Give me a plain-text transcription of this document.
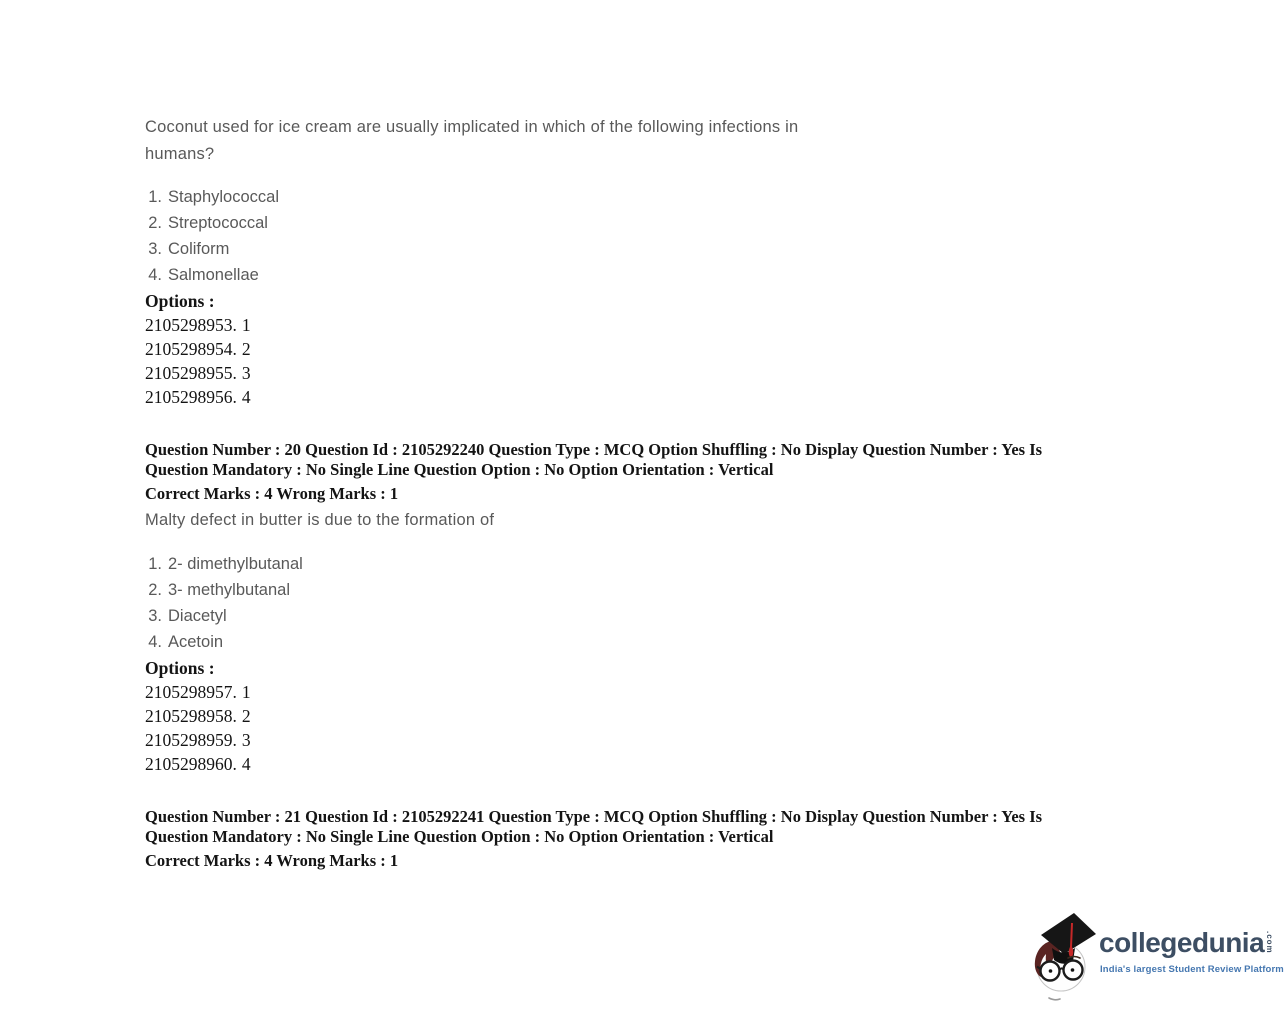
Coconut used for ice cream are usually implicated in which of the following infections in humans?
1. Staphylococcal
2. Streptococcal
3. Coliform
4. Salmonellae
Options :
2105298953. 1
2105298954. 2
2105298955. 3
2105298956. 4
Question Number : 20 Question Id : 2105292240 Question Type : MCQ Option Shuffling : No Display Question Number : Yes Is
Question Mandatory : No Single Line Question Option : No Option Orientation : Vertical
Correct Marks : 4 Wrong Marks : 1
Malty defect in butter is due to the formation of
1. 2- dimethylbutanal
2. 3- methylbutanal
3. Diacetyl
4. Acetoin
Options :
2105298957. 1
2105298958. 2
2105298959. 3
2105298960. 4
Question Number : 21 Question Id : 2105292241 Question Type : MCQ Option Shuffling : No Display Question Number : Yes Is
Question Mandatory : No Single Line Question Option : No Option Orientation : Vertical
Correct Marks : 4 Wrong Marks : 1
collegedunia.com
India's largest Student Review Platform
